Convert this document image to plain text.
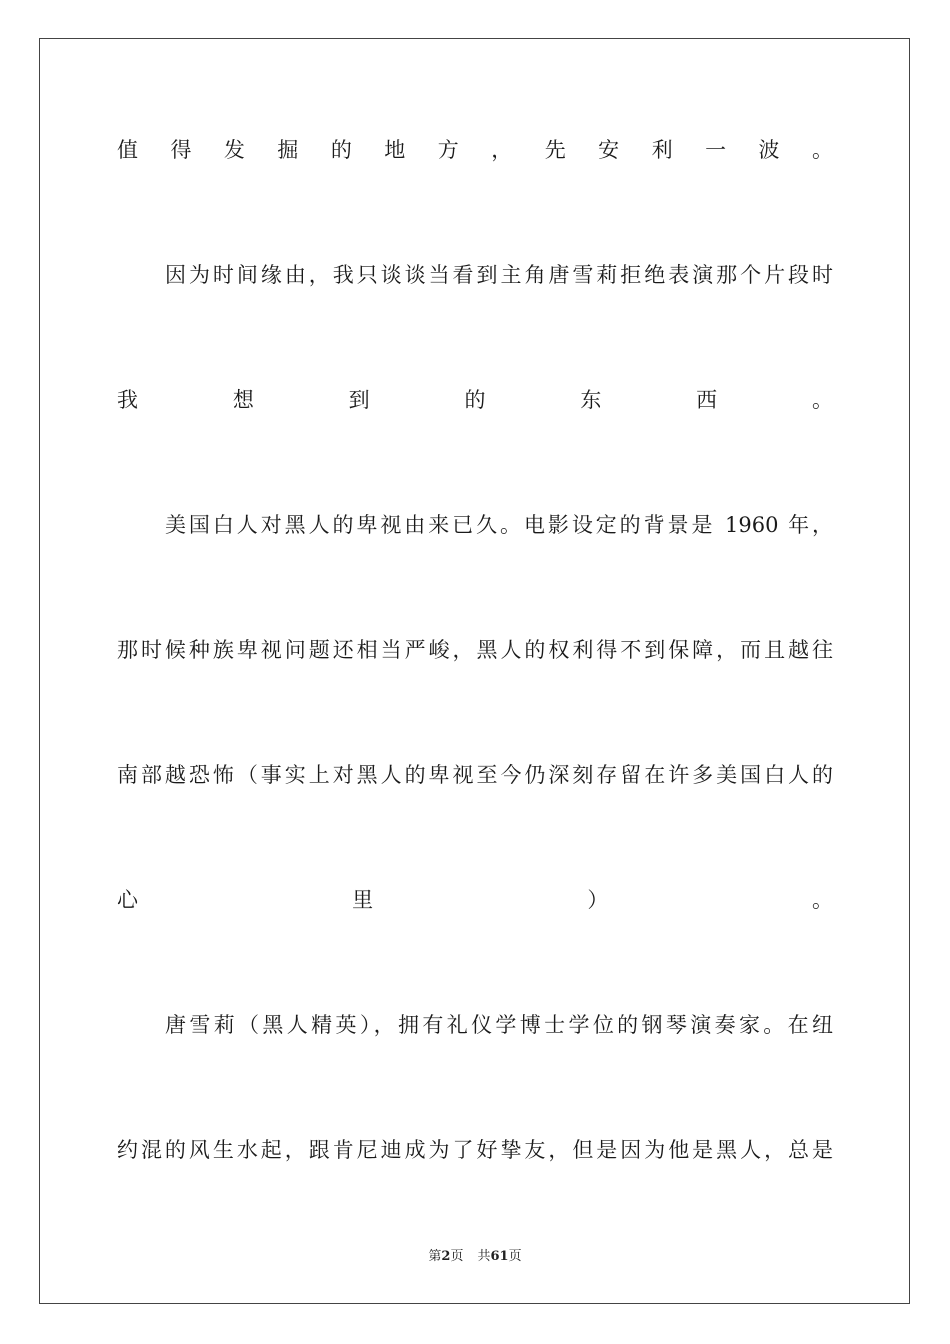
值得发掘的地方，先安利一波。
因为时间缘由，我只谈谈当看到主角唐雪莉拒绝表演那个片段时
我想到的东西。
美国白人对黑人的卑视由来已久。电影设定的背景是 1960 年，
那时候种族卑视问题还相当严峻，黑人的权利得不到保障，而且越往
南部越恐怖（事实上对黑人的卑视至今仍深刻存留在许多美国白人的
心里）。
唐雪莉（黑人精英），拥有礼仪学博士学位的钢琴演奏家。在纽
约混的风生水起，跟肯尼迪成为了好挚友，但是因为他是黑人，总是
第2页 共61页
